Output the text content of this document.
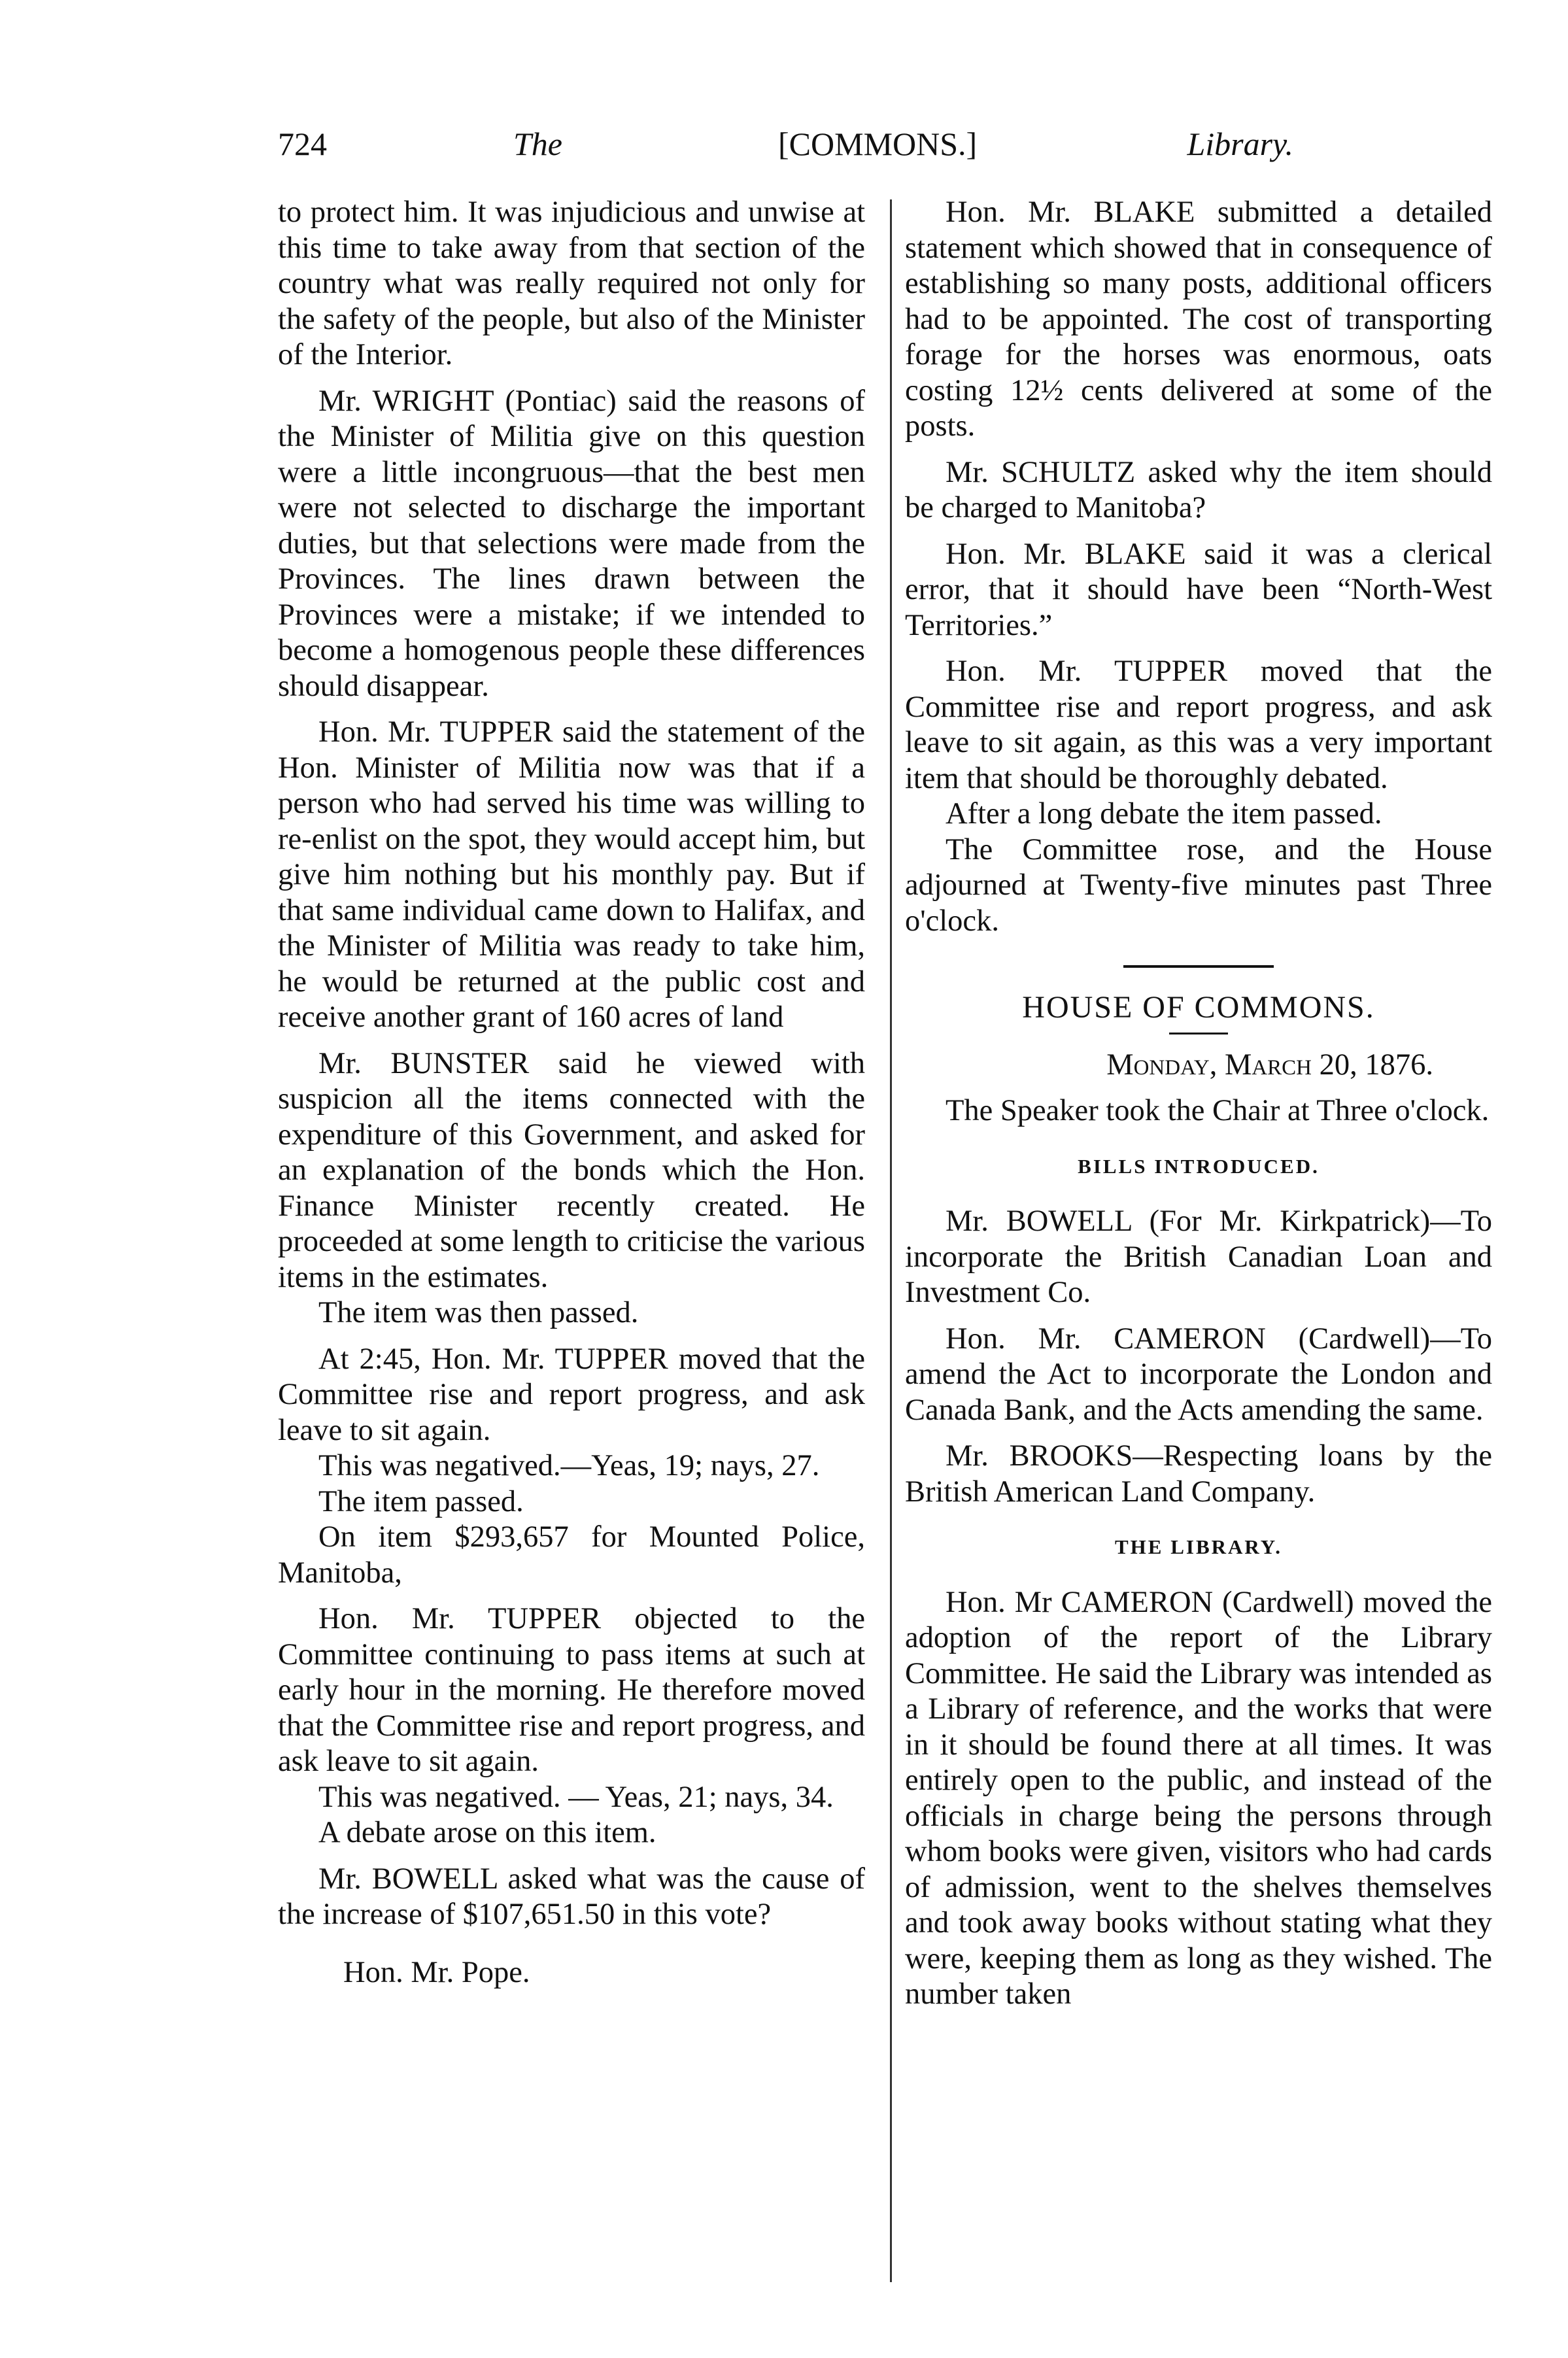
724	The	[COMMONS.]	Library.

to protect him. It was injudicious and unwise at this time to take away from that section of the country what was really required not only for the safety of the people, but also of the Minister of the Interior.

Mr. WRIGHT (Pontiac) said the reasons of the Minister of Militia give on this question were a little incongruous—that the best men were not selected to discharge the important duties, but that selections were made from the Provinces. The lines drawn between the Provinces were a mistake; if we intended to become a homogenous people these differences should disappear.

Hon. Mr. TUPPER said the statement of the Hon. Minister of Militia now was that if a person who had served his time was willing to re-enlist on the spot, they would accept him, but give him nothing but his monthly pay. But if that same individual came down to Halifax, and the Minister of Militia was ready to take him, he would be returned at the public cost and receive another grant of 160 acres of land

Mr. BUNSTER said he viewed with suspicion all the items connected with the expenditure of this Government, and asked for an explanation of the bonds which the Hon. Finance Minister recently created. He proceeded at some length to criticise the various items in the estimates.

The item was then passed.

At 2:45, Hon. Mr. TUPPER moved that the Committee rise and report progress, and ask leave to sit again.

This was negatived.—Yeas, 19; nays, 27.

The item passed.

On item $293,657 for Mounted Police, Manitoba,

Hon. Mr. TUPPER objected to the Committee continuing to pass items at such at early hour in the morning. He therefore moved that the Committee rise and report progress, and ask leave to sit again.

This was negatived. — Yeas, 21; nays, 34.

A debate arose on this item.

Mr. BOWELL asked what was the cause of the increase of $107,651.50 in this vote?

Hon. Mr. Pope.

Hon. Mr. BLAKE submitted a detailed statement which showed that in consequence of establishing so many posts, additional officers had to be appointed. The cost of transporting forage for the horses was enormous, oats costing 12½ cents delivered at some of the posts.

Mr. SCHULTZ asked why the item should be charged to Manitoba?

Hon. Mr. BLAKE said it was a clerical error, that it should have been “North-West Territories.”

Hon. Mr. TUPPER moved that the Committee rise and report progress, and ask leave to sit again, as this was a very important item that should be thoroughly debated.

After a long debate the item passed.

The Committee rose, and the House adjourned at Twenty-five minutes past Three o'clock.

HOUSE OF COMMONS.
Monday, March 20, 1876.

The Speaker took the Chair at Three o'clock.

BILLS INTRODUCED.

Mr. BOWELL (For Mr. Kirkpatrick)—To incorporate the British Canadian Loan and Investment Co.

Hon. Mr. CAMERON (Cardwell)—To amend the Act to incorporate the London and Canada Bank, and the Acts amending the same.

Mr. BROOKS—Respecting loans by the British American Land Company.

THE LIBRARY.

Hon. Mr CAMERON (Cardwell) moved the adoption of the report of the Library Committee. He said the Library was intended as a Library of reference, and the works that were in it should be found there at all times. It was entirely open to the public, and instead of the officials in charge being the persons through whom books were given, visitors who had cards of admission, went to the shelves themselves and took away books without stating what they were, keeping them as long as they wished. The number taken
